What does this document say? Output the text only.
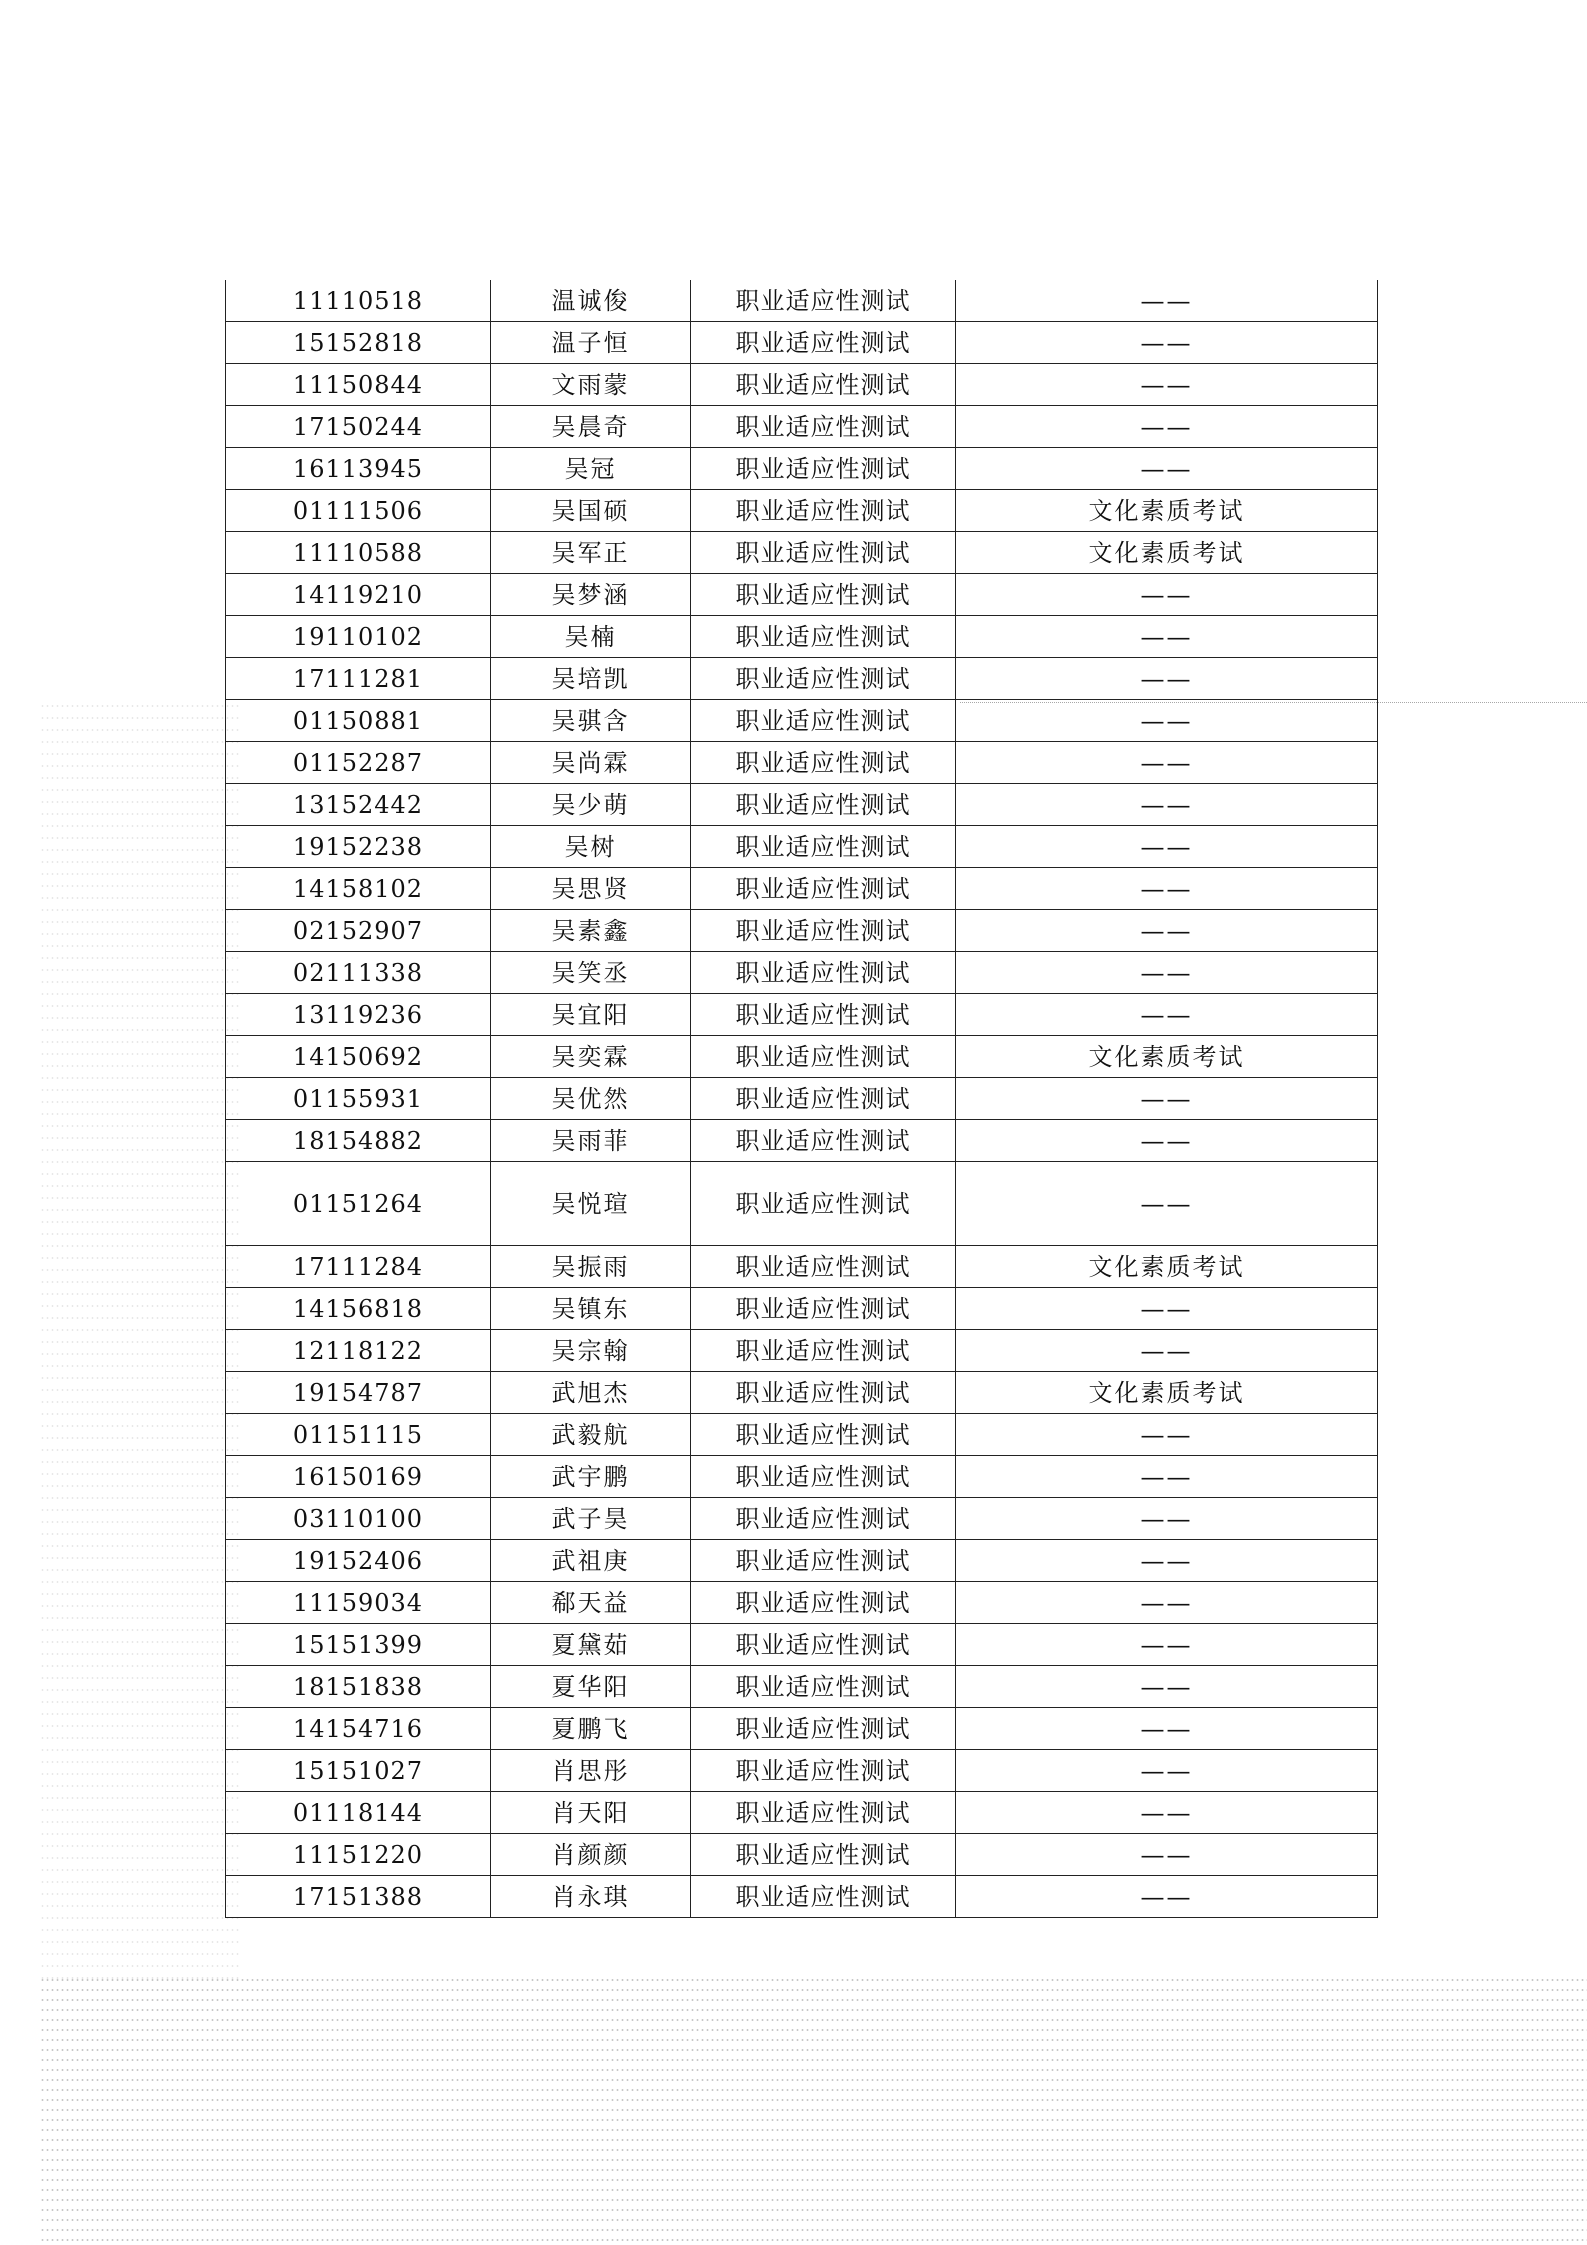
11110518	温诚俊	职业适应性测试	——
15152818	温子恒	职业适应性测试	——
11150844	文雨蒙	职业适应性测试	——
17150244	吴晨奇	职业适应性测试	——
16113945	吴冠	职业适应性测试	——
01111506	吴国硕	职业适应性测试	文化素质考试
11110588	吴军正	职业适应性测试	文化素质考试
14119210	吴梦涵	职业适应性测试	——
19110102	吴楠	职业适应性测试	——
17111281	吴培凯	职业适应性测试	——
01150881	吴骐含	职业适应性测试	——
01152287	吴尚霖	职业适应性测试	——
13152442	吴少萌	职业适应性测试	——
19152238	吴树	职业适应性测试	——
14158102	吴思贤	职业适应性测试	——
02152907	吴素鑫	职业适应性测试	——
02111338	吴笑丞	职业适应性测试	——
13119236	吴宜阳	职业适应性测试	——
14150692	吴奕霖	职业适应性测试	文化素质考试
01155931	吴优然	职业适应性测试	——
18154882	吴雨菲	职业适应性测试	——
01151264	吴悦瑄	职业适应性测试	——
17111284	吴振雨	职业适应性测试	文化素质考试
14156818	吴镇东	职业适应性测试	——
12118122	吴宗翰	职业适应性测试	——
19154787	武旭杰	职业适应性测试	文化素质考试
01151115	武毅航	职业适应性测试	——
16150169	武宇鹏	职业适应性测试	——
03110100	武子昊	职业适应性测试	——
19152406	武祖庚	职业适应性测试	——
11159034	郗天益	职业适应性测试	——
15151399	夏黛茹	职业适应性测试	——
18151838	夏华阳	职业适应性测试	——
14154716	夏鹏飞	职业适应性测试	——
15151027	肖思彤	职业适应性测试	——
01118144	肖天阳	职业适应性测试	——
11151220	肖颜颜	职业适应性测试	——
17151388	肖永琪	职业适应性测试	——
